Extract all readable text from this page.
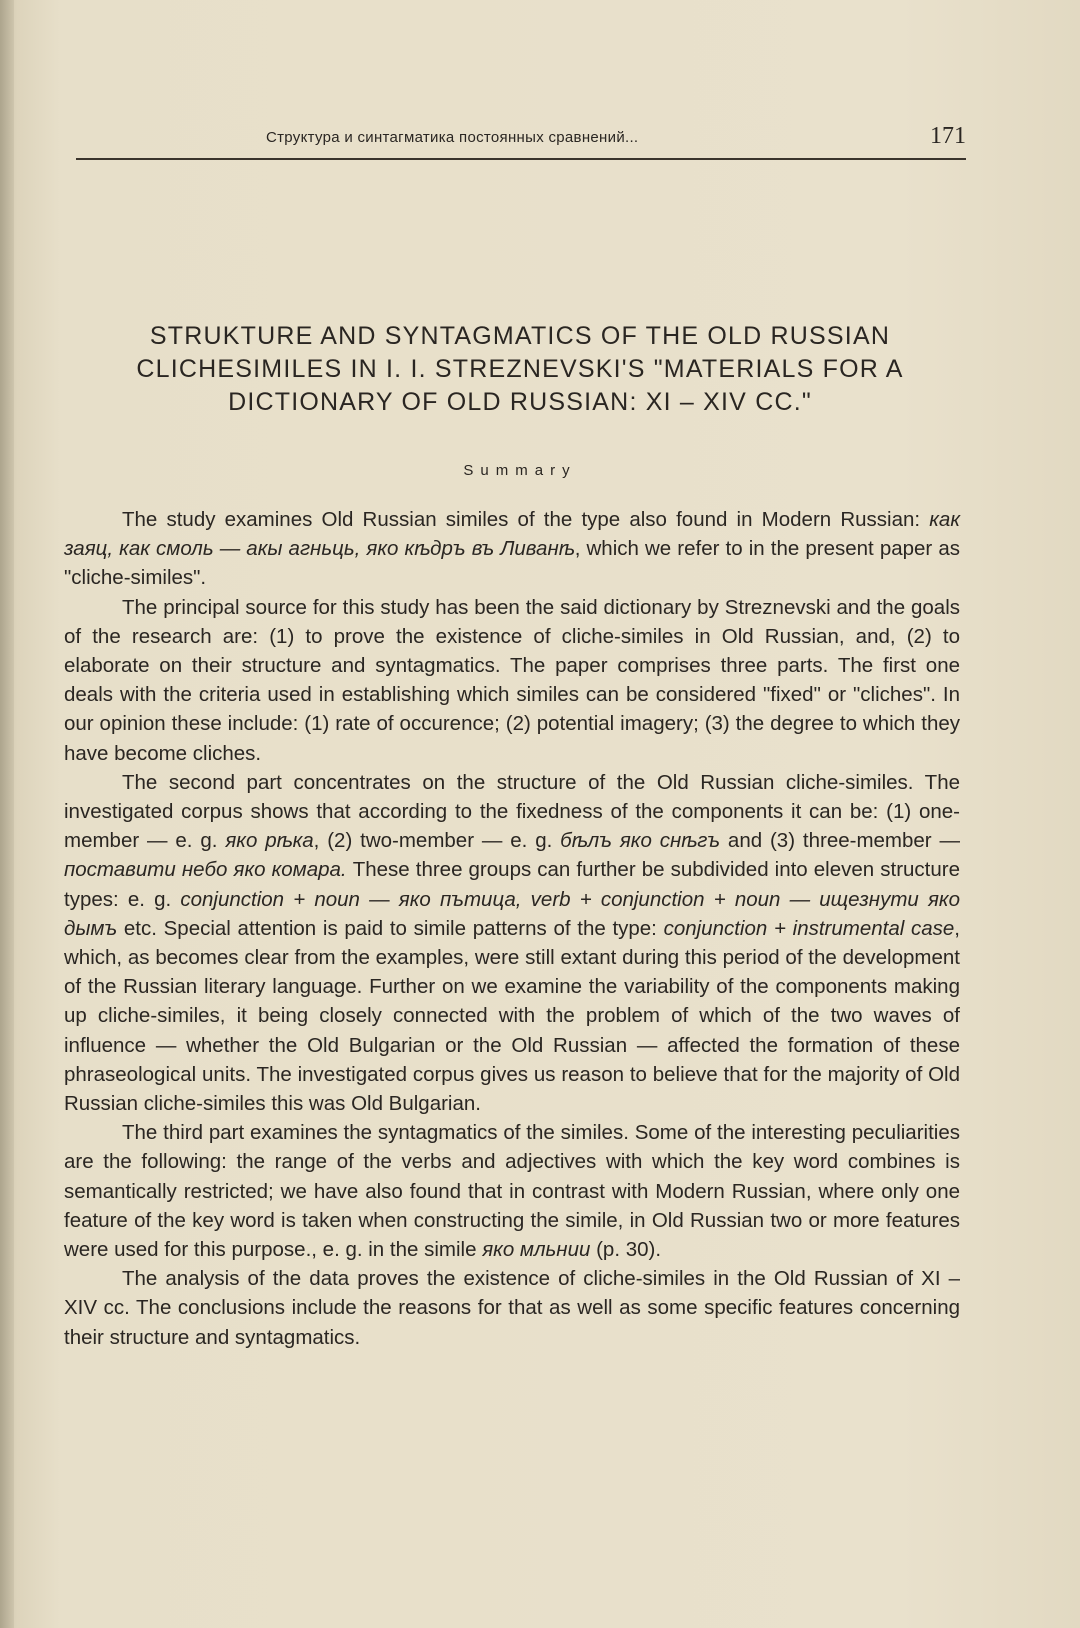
Структура и синтагматика постоянных сравнений...	171
STRUKTURE AND SYNTAGMATICS OF THE OLD RUSSIAN
CLICHESIMILES IN I. I. STREZNEVSKI'S "MATERIALS FOR A
DICTIONARY OF OLD RUSSIAN: XI – XIV CC."
Summary

The study examines Old Russian similes of the type also found in Modern Russian: как заяц, как смоль — акы агньць, яко кѣдръ въ Ливанѣ, which we refer to in the present paper as "cliche-similes".

The principal source for this study has been the said dictionary by Streznevski and the goals of the research are: (1) to prove the existence of cliche-similes in Old Russian, and, (2) to elaborate on their structure and syntagmatics. The paper comprises three parts. The first one deals with the criteria used in establishing which similes can be considered "fixed" or "cliches". In our opinion these include: (1) rate of occurence; (2) potential imagery; (3) the degree to which they have become cliches.

The second part concentrates on the structure of the Old Russian cliche-similes. The investigated corpus shows that according to the fixedness of the components it can be: (1) one-member — e. g. яко рѣка, (2) two-member — e. g. бѣлъ яко снѣгъ and (3) three-member — поставити небо яко комара. These three groups can further be subdivided into eleven structure types: e. g. conjunction + noun — яко пътица, verb + conjunction + noun — ищезнути яко дымъ etc. Special attention is paid to simile patterns of the type: conjunction + instrumental case, which, as becomes clear from the examples, were still extant during this period of the development of the Russian literary language. Further on we examine the variability of the components making up cliche-similes, it being closely connected with the problem of which of the two waves of influence — whether the Old Bulgarian or the Old Russian — affected the formation of these phraseological units. The investigated corpus gives us reason to believe that for the majority of Old Russian cliche-similes this was Old Bulgarian.

The third part examines the syntagmatics of the similes. Some of the interesting peculiarities are the following: the range of the verbs and adjectives with which the key word combines is semantically restricted; we have also found that in contrast with Modern Russian, where only one feature of the key word is taken when constructing the simile, in Old Russian two or more features were used for this purpose., e. g. in the simile яко мльнии (p. 30).

The analysis of the data proves the existence of cliche-similes in the Old Russian of XI – XIV cc. The conclusions include the reasons for that as well as some specific features concerning their structure and syntagmatics.
